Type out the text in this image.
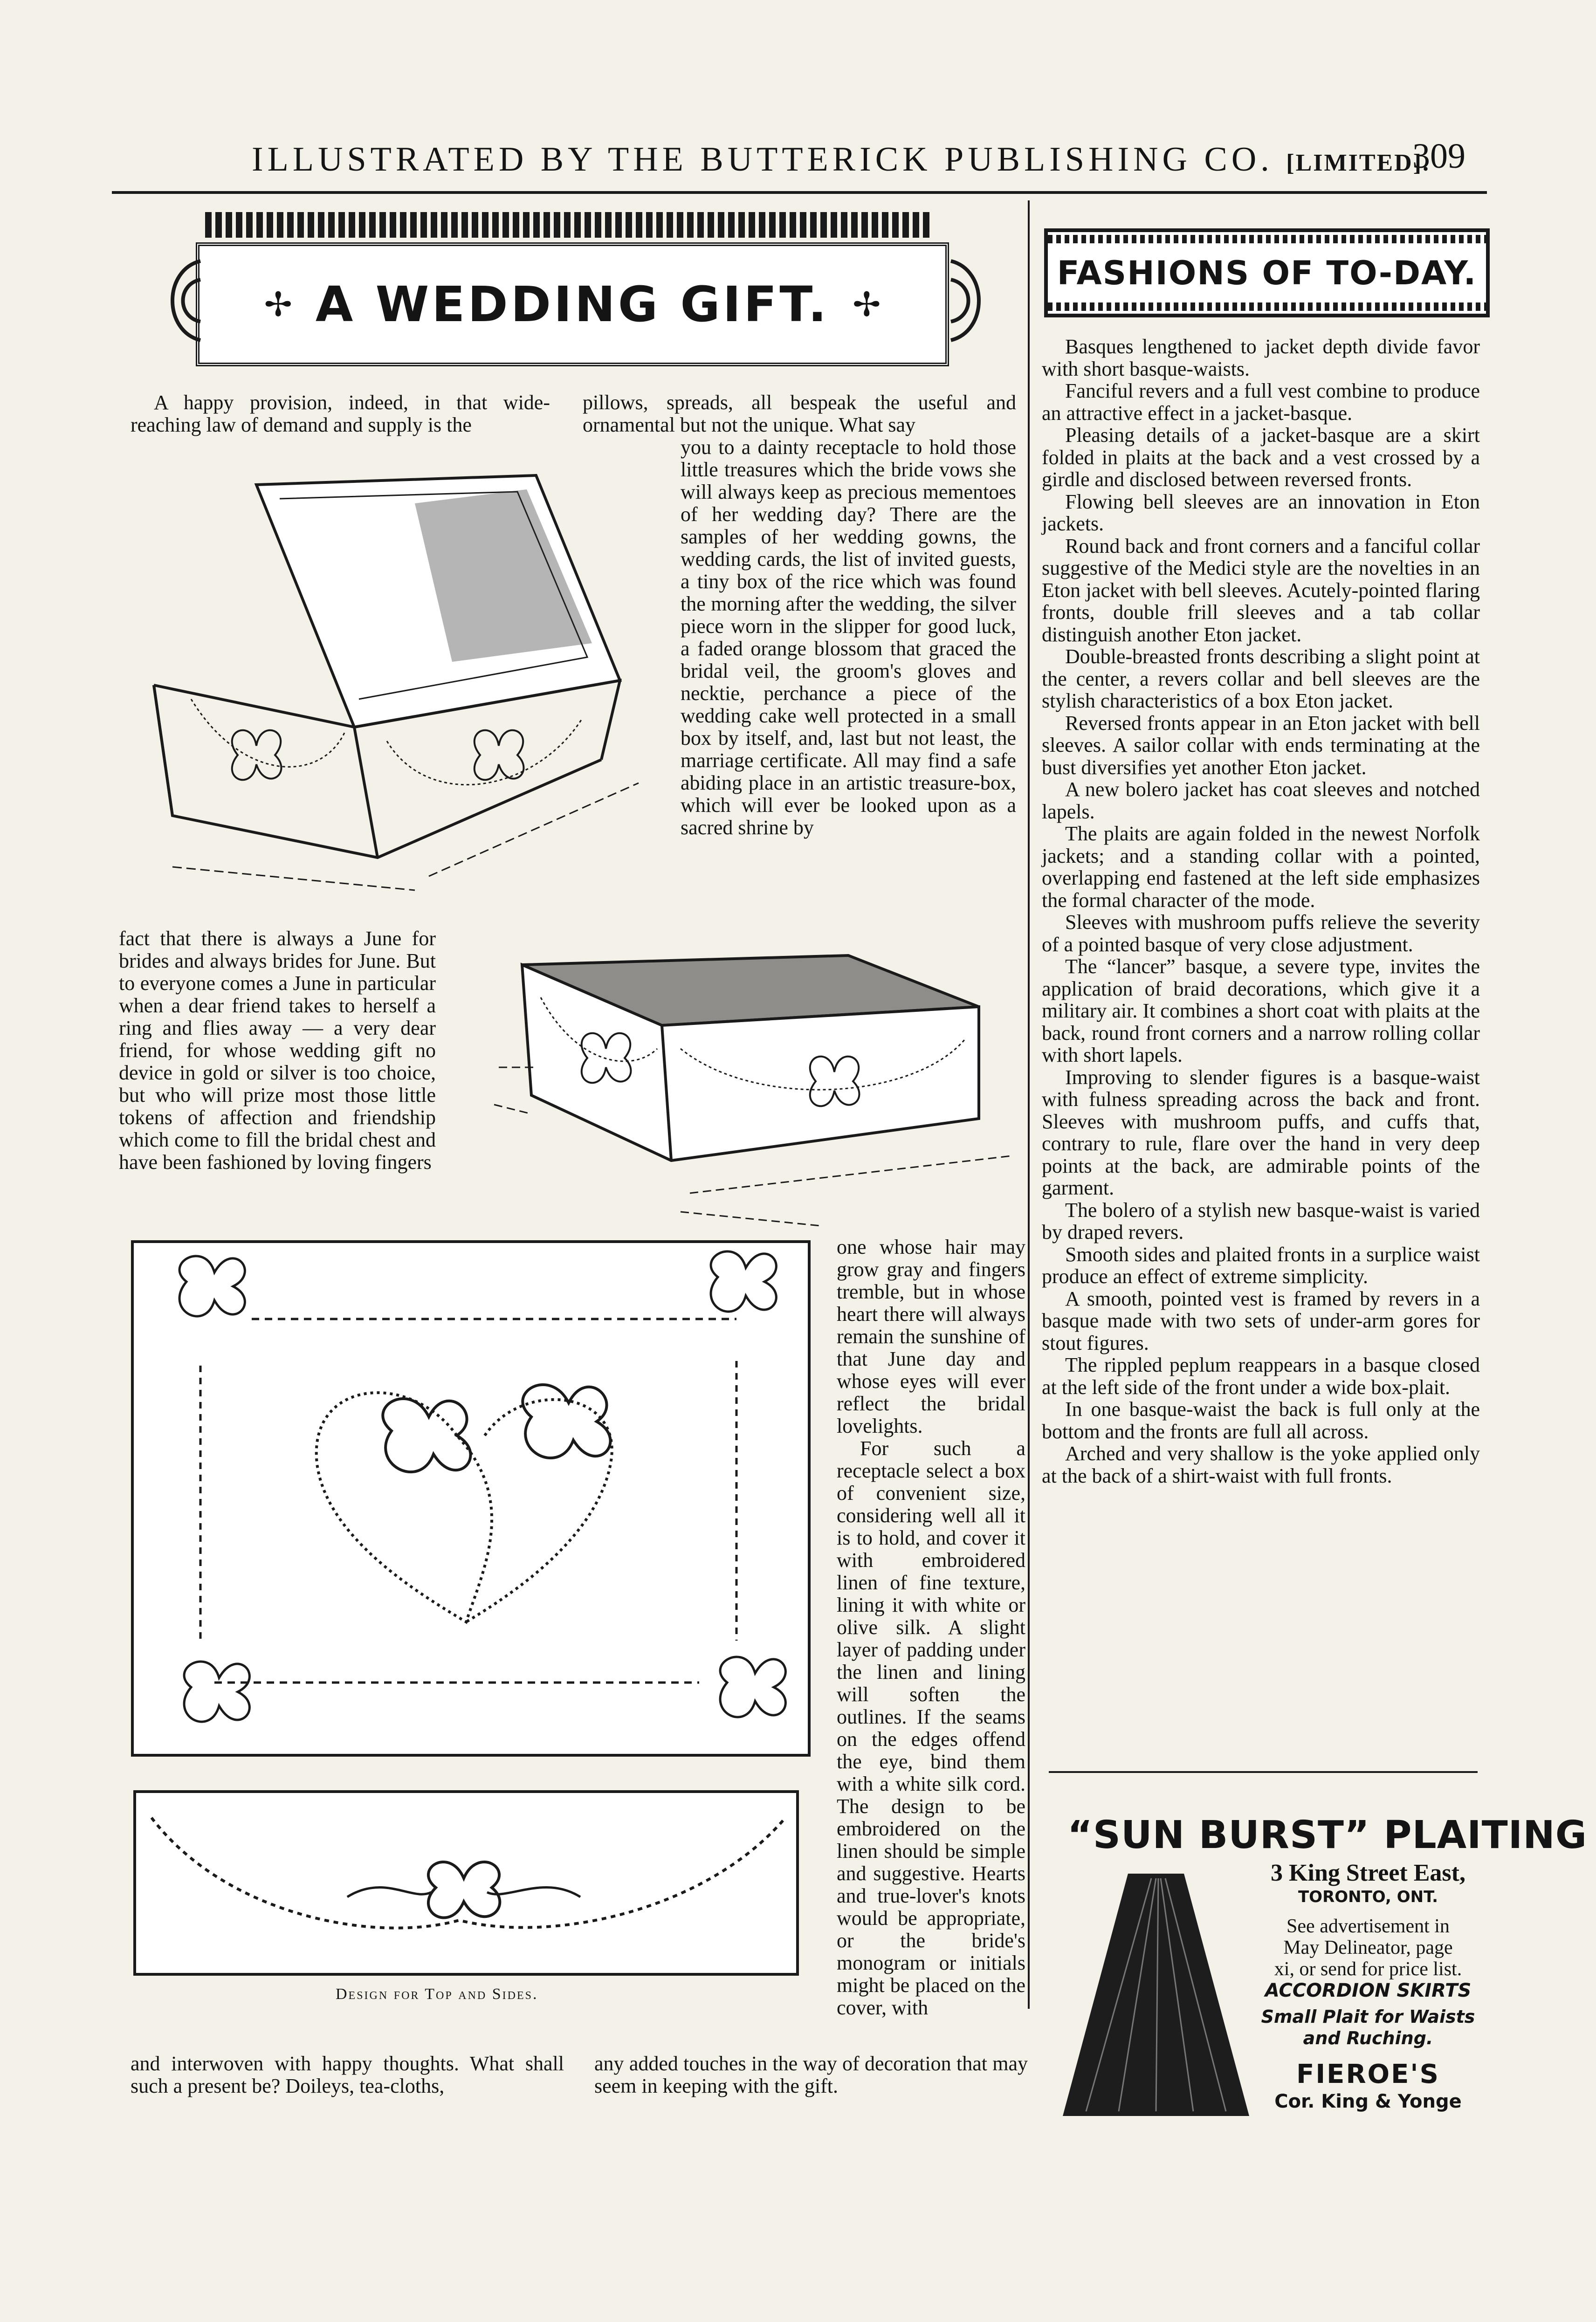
ILLUSTRATED BY THE BUTTERICK PUBLISHING CO. [LIMITED].
309
✢ A WEDDING GIFT. ✢

A happy provision, indeed, in that wide-reaching law of demand and supply is the

pillows, spreads, all bespeak the useful and ornamental but not the unique. What say

you to a dainty receptacle to hold those little treasures which the bride vows she will always keep as precious mementoes of her wedding day? There are the samples of her wedding gowns, the wedding cards, the list of invited guests, a tiny box of the rice which was found the morning after the wedding, the silver piece worn in the slipper for good luck, a faded orange blossom that graced the bridal veil, the groom's gloves and necktie, perchance a piece of the wedding cake well protected in a small box by itself, and, last but not least, the marriage certificate. All may find a safe abiding place in an artistic treasure-box, which will ever be looked upon as a sacred shrine by

fact that there is always a June for brides and always brides for June. But to everyone comes a June in particular when a dear friend takes to herself a ring and flies away — a very dear friend, for whose wedding gift no device in gold or silver is too choice, but who will prize most those little tokens of affection and friendship which come to fill the bridal chest and have been fashioned by loving fingers

Design for Top and Sides.

one whose hair may grow gray and fingers tremble, but in whose heart there will always remain the sunshine of that June day and whose eyes will ever reflect the bridal lovelights.

For such a receptacle select a box of convenient size, considering well all it is to hold, and cover it with embroidered linen of fine texture, lining it with white or olive silk. A slight layer of padding under the linen and lining will soften the outlines. If the seams on the edges offend the eye, bind them with a white silk cord. The design to be embroidered on the linen should be simple and suggestive. Hearts and true-lover's knots would be appropriate, or the bride's monogram or initials might be placed on the cover, with

and interwoven with happy thoughts. What shall such a present be? Doileys, tea-cloths,

any added touches in the way of decoration that may seem in keeping with the gift.

FASHIONS OF TO-DAY.

Basques lengthened to jacket depth divide favor with short basque-waists.

Fanciful revers and a full vest combine to produce an attractive effect in a jacket-basque.

Pleasing details of a jacket-basque are a skirt folded in plaits at the back and a vest crossed by a girdle and disclosed between reversed fronts.

Flowing bell sleeves are an innovation in Eton jackets.

Round back and front corners and a fanciful collar suggestive of the Medici style are the novelties in an Eton jacket with bell sleeves. Acutely-pointed flaring fronts, double frill sleeves and a tab collar distinguish another Eton jacket.

Double-breasted fronts describing a slight point at the center, a revers collar and bell sleeves are the stylish characteristics of a box Eton jacket.

Reversed fronts appear in an Eton jacket with bell sleeves. A sailor collar with ends terminating at the bust diversifies yet another Eton jacket.

A new bolero jacket has coat sleeves and notched lapels.

The plaits are again folded in the newest Norfolk jackets; and a standing collar with a pointed, overlapping end fastened at the left side emphasizes the formal character of the mode.

Sleeves with mushroom puffs relieve the severity of a pointed basque of very close adjustment.

The “lancer” basque, a severe type, invites the application of braid decorations, which give it a military air. It combines a short coat with plaits at the back, round front corners and a narrow rolling collar with short lapels.

Improving to slender figures is a basque-waist with fulness spreading across the back and front. Sleeves with mushroom puffs, and cuffs that, contrary to rule, flare over the hand in very deep points at the back, are admirable points of the garment.

The bolero of a stylish new basque-waist is varied by draped revers.

Smooth sides and plaited fronts in a surplice waist produce an effect of extreme simplicity.

A smooth, pointed vest is framed by revers in a basque made with two sets of under-arm gores for stout figures.

The rippled peplum reappears in a basque closed at the left side of the front under a wide box-plait.

In one basque-waist the back is full only at the bottom and the fronts are full all across.

Arched and very shallow is the yoke applied only at the back of a shirt-waist with full fronts.

“SUN BURST” PLAITING
3 King Street East,
TORONTO, ONT.
See advertisement in
May Delineator, page
xi, or send for price list.
ACCORDION SKIRTS
Small Plait for Waists
and Ruching.
FIEROE'S
Cor. King & Yonge
